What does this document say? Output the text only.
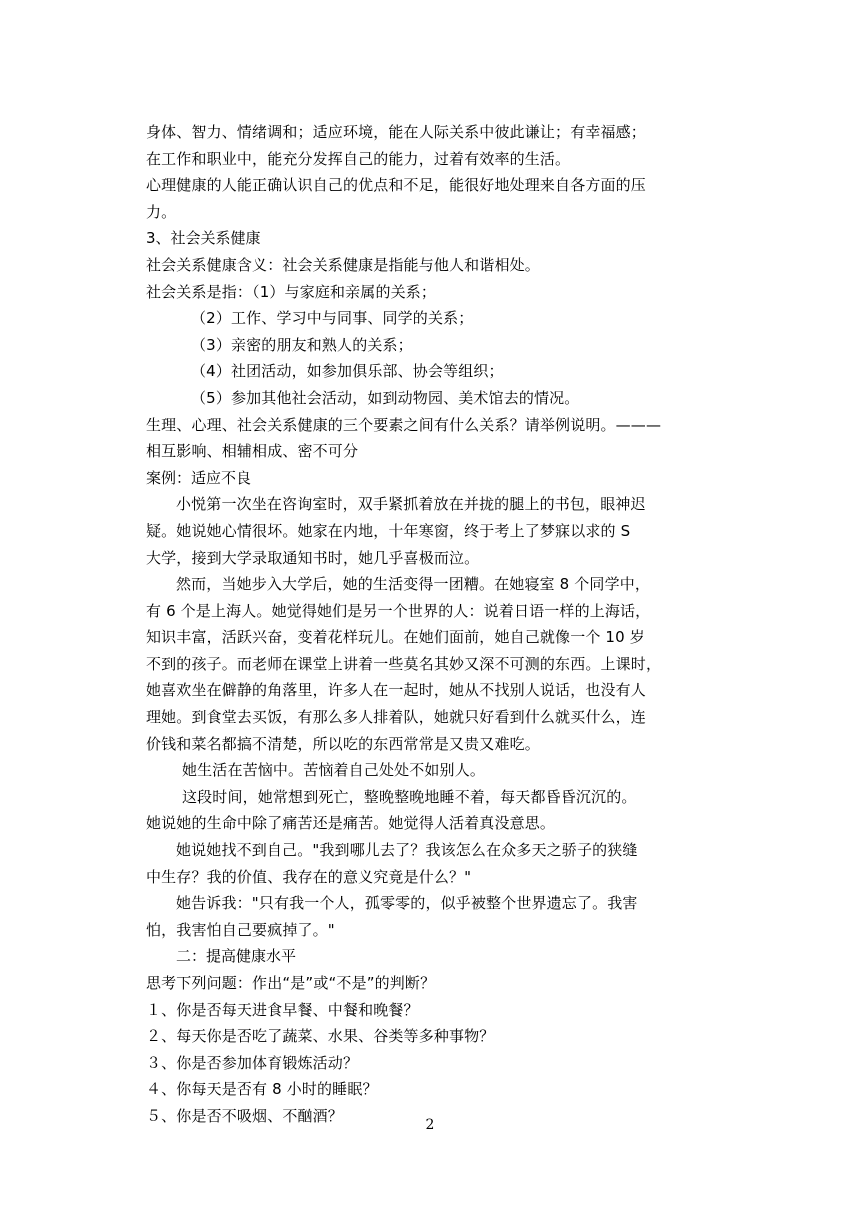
身体、智力、情绪调和；适应环境，能在人际关系中彼此谦让；有幸福感；
在工作和职业中，能充分发挥自己的能力，过着有效率的生活。
心理健康的人能正确认识自己的优点和不足，能很好地处理来自各方面的压
力。
3、社会关系健康
社会关系健康含义：社会关系健康是指能与他人和谐相处。
社会关系是指：（1）与家庭和亲属的关系；
（2）工作、学习中与同事、同学的关系；
（3）亲密的朋友和熟人的关系；
（4）社团活动，如参加俱乐部、协会等组织；
（5）参加其他社会活动，如到动物园、美术馆去的情况。
生理、心理、社会关系健康的三个要素之间有什么关系？请举例说明。———
相互影响、相辅相成、密不可分
案例：适应不良
小悦第一次坐在咨询室时，双手紧抓着放在并拢的腿上的书包，眼神迟
疑。她说她心情很坏。她家在内地，十年寒窗，终于考上了梦寐以求的 S
大学，接到大学录取通知书时，她几乎喜极而泣。
然而，当她步入大学后，她的生活变得一团糟。在她寝室 8 个同学中，
有 6 个是上海人。她觉得她们是另一个世界的人：说着日语一样的上海话，
知识丰富，活跃兴奋，变着花样玩儿。在她们面前，她自己就像一个 10 岁
不到的孩子。而老师在课堂上讲着一些莫名其妙又深不可测的东西。上课时，
她喜欢坐在僻静的角落里，许多人在一起时，她从不找别人说话，也没有人
理她。到食堂去买饭，有那么多人排着队，她就只好看到什么就买什么，连
价钱和菜名都搞不清楚，所以吃的东西常常是又贵又难吃。
她生活在苦恼中。苦恼着自己处处不如别人。
这段时间，她常想到死亡，整晚整晚地睡不着，每天都昏昏沉沉的。
她说她的生命中除了痛苦还是痛苦。她觉得人活着真没意思。
她说她找不到自己。"我到哪儿去了？我该怎么在众多天之骄子的狭缝
中生存？我的价值、我存在的意义究竟是什么？"
她告诉我："只有我一个人，孤零零的，似乎被整个世界遗忘了。我害
怕，我害怕自己要疯掉了。"
二：提高健康水平
思考下列问题：作出“是”或“不是”的判断？
１、你是否每天进食早餐、中餐和晚餐？
２、每天你是否吃了蔬菜、水果、谷类等多种事物？
３、你是否参加体育锻炼活动？
４、你每天是否有 8 小时的睡眠？
５、你是否不吸烟、不酗酒？
2
